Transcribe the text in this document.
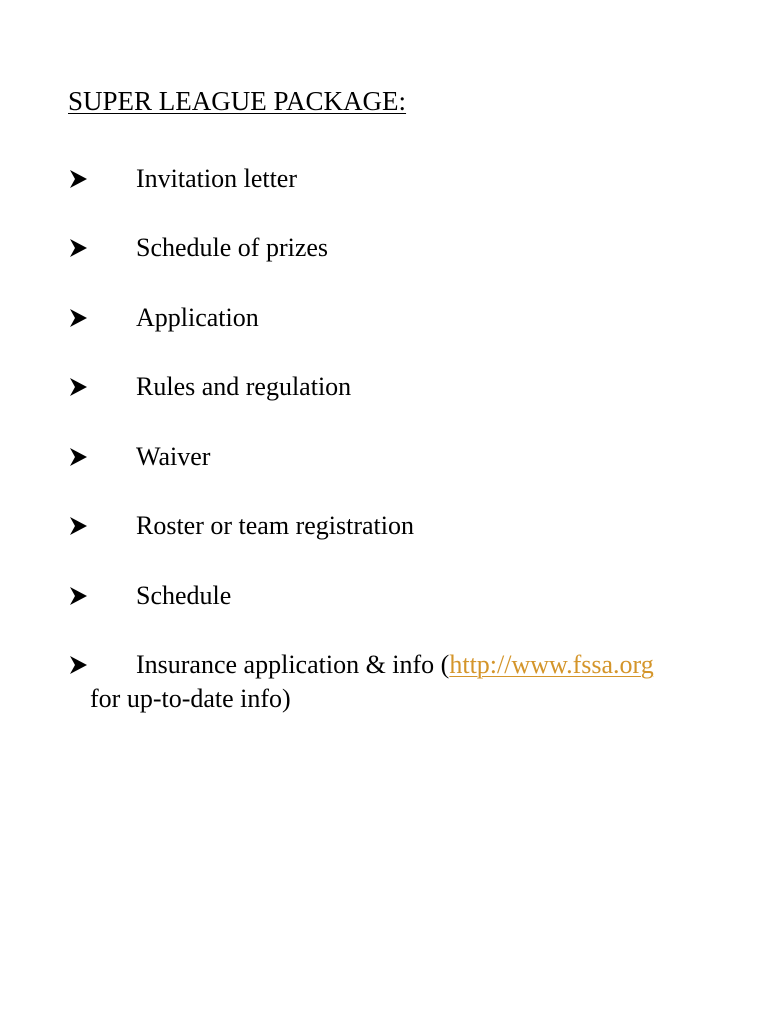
SUPER LEAGUE PACKAGE:
Invitation letter
Schedule of prizes
Application
Rules and regulation
Waiver
Roster or team registration
Schedule
Insurance application & info (http://www.fssa.org
for up-to-date info)
